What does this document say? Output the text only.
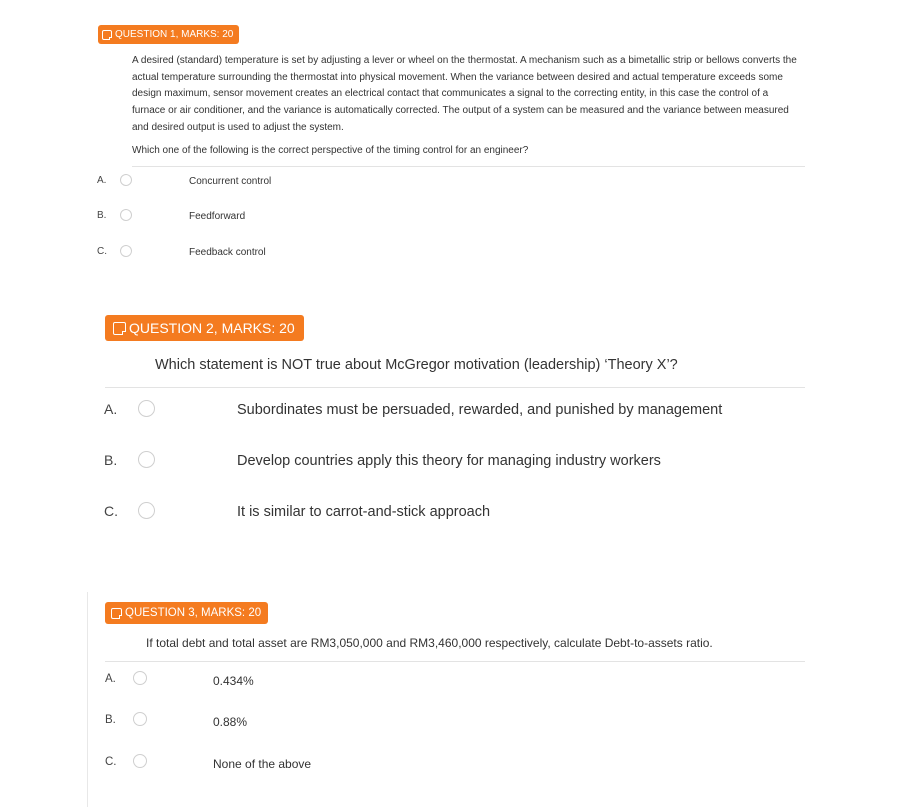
QUESTION 1, MARKS: 20
A desired (standard) temperature is set by adjusting a lever or wheel on the thermostat. A mechanism such as a bimetallic strip or bellows converts the actual temperature surrounding the thermostat into physical movement. When the variance between desired and actual temperature exceeds some design maximum, sensor movement creates an electrical contact that communicates a signal to the correcting entity, in this case the control of a furnace or air conditioner, and the variance is automatically corrected. The output of a system can be measured and the variance between measured and desired output is used to adjust the system.
Which one of the following is the correct perspective of the timing control for an engineer?
A.	Concurrent control
B.	Feedforward
C.	Feedback control
QUESTION 2, MARKS: 20
Which statement is NOT true about McGregor motivation (leadership) ‘Theory X’?
A.	Subordinates must be persuaded, rewarded, and punished by management
B.	Develop countries apply this theory for managing industry workers
C.	It is similar to carrot-and-stick approach
QUESTION 3, MARKS: 20
If total debt and total asset are RM3,050,000 and RM3,460,000 respectively, calculate Debt-to-assets ratio.
A.	0.434%
B.	0.88%
C.	None of the above
